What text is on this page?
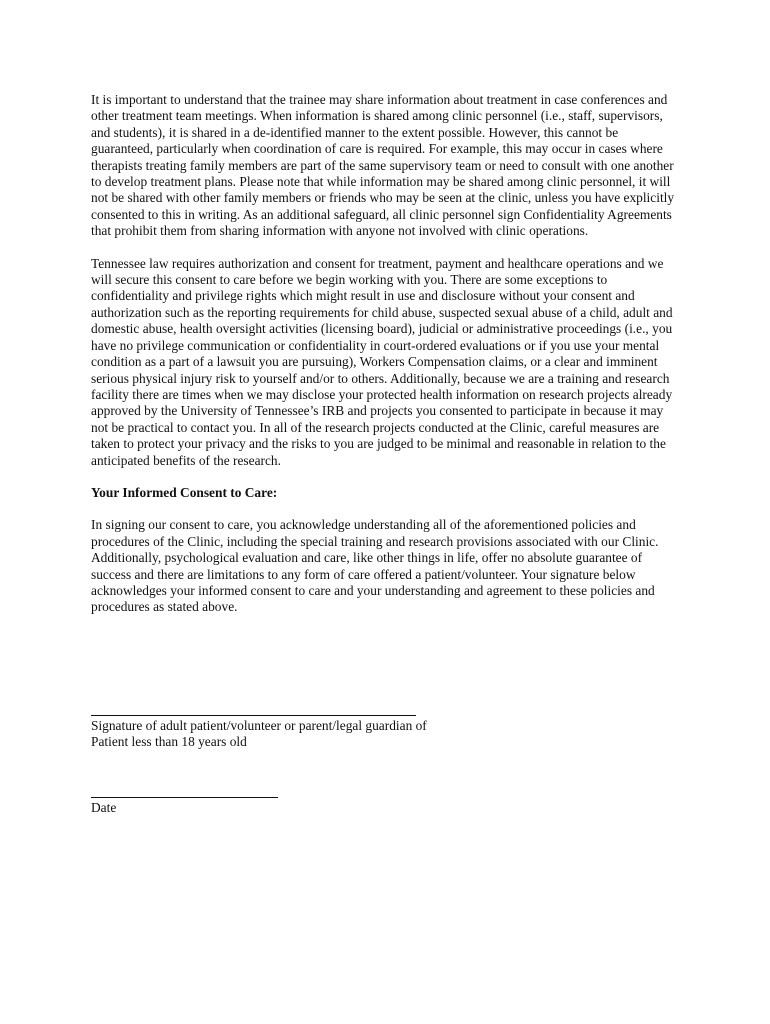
It is important to understand that the trainee may share information about treatment in case conferences and other treatment team meetings. When information is shared among clinic personnel (i.e., staff, supervisors, and students), it is shared in a de-identified manner to the extent possible. However, this cannot be guaranteed, particularly when coordination of care is required. For example, this may occur in cases where therapists treating family members are part of the same supervisory team or need to consult with one another to develop treatment plans. Please note that while information may be shared among clinic personnel, it will not be shared with other family members or friends who may be seen at the clinic, unless you have explicitly consented to this in writing. As an additional safeguard, all clinic personnel sign Confidentiality Agreements that prohibit them from sharing information with anyone not involved with clinic operations.

Tennessee law requires authorization and consent for treatment, payment and healthcare operations and we will secure this consent to care before we begin working with you. There are some exceptions to confidentiality and privilege rights which might result in use and disclosure without your consent and authorization such as the reporting requirements for child abuse, suspected sexual abuse of a child, adult and domestic abuse, health oversight activities (licensing board), judicial or administrative proceedings (i.e., you have no privilege communication or confidentiality in court-ordered evaluations or if you use your mental condition as a part of a lawsuit you are pursuing), Workers Compensation claims, or a clear and imminent serious physical injury risk to yourself and/or to others. Additionally, because we are a training and research facility there are times when we may disclose your protected health information on research projects already approved by the University of Tennessee’s IRB and projects you consented to participate in because it may not be practical to contact you. In all of the research projects conducted at the Clinic, careful measures are taken to protect your privacy and the risks to you are judged to be minimal and reasonable in relation to the anticipated benefits of the research.

Your Informed Consent to Care:

In signing our consent to care, you acknowledge understanding all of the aforementioned policies and procedures of the Clinic, including the special training and research provisions associated with our Clinic. Additionally, psychological evaluation and care, like other things in life, offer no absolute guarantee of success and there are limitations to any form of care offered a patient/volunteer. Your signature below acknowledges your informed consent to care and your understanding and agreement to these policies and procedures as stated above.

Signature of adult patient/volunteer or parent/legal guardian of
Patient less than 18 years old
Date
